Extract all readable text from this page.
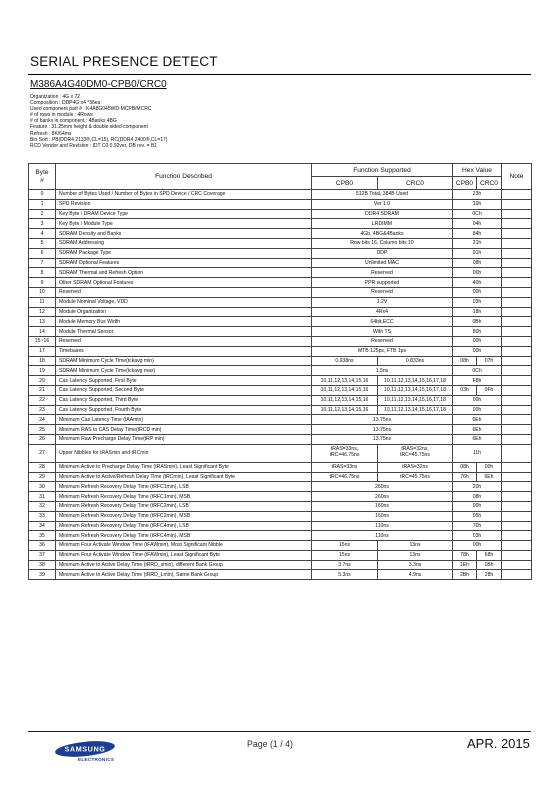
SERIAL PRESENCE DETECT
M386A4G40DM0-CPB0/CRC0
Organization : 4G x 72
Composition : DDP4G x4 *36ea
Used component part # : K4A8G045WD-MCPB/MCRC
# of rows in module : 4Rows
# of banks in component : 4Banks 4BG
Feature : 31.25mm height & double sided component
Refresh : 8K/64ms
Bin Sort : PB(DDR4 2133®,CL=15), RC(DDR4 2400®,CL=17)
RCD Vendor and Revision : IDT C0 0.92ver, DB rev. = B1
Byte
#	Function Described	Function Supported		Hex Value		Note
		CPB0	CRC0	CPB0	CRC0	
0	Number of Bytes Used / Number of Bytes in SPD Device / CRC Coverage	512B Total, 384B Used		23h		
1	SPD Revision	Ver 1.0		10h		
2	Key Byte / DRAM Device Type	DDR4 SDRAM		0Ch		
3	Key Byte / Module Type	LRDIMM		04h		
4	SDRAM Density and Banks	4Gb, 4BG&4Banks		84h		
5	SDRAM Addressing	Row bits 16, Column bits 10		21h		
6	SDRAM Package Type	DDP		91h		
7	SDRAM Optional Features	Unlimited MAC		08h		
8	SDRAM Thermal and Refresh Option	Reserved		00h		
9	Other SDRAM Optional Features	PPR supported		40h		
10	Reserved	Reserved		00h		
11	Module Nominal Voltage, VDD	1.2V		03h		
12	Module Organization	4Rx4		18h		
13	Module Memory Bus Width	64bit,ECC		0Bh		
14	Module Thermal Sensor	With TS		80h		
15~16	Reserved	Reserved		00h		
17	Timebases	MTB 125ps, FTB 1ps		00h		
18	SDRAM Minimum Cycle Time(tckavg min)	0.938ns	0.833ns	08h	07h	
19	SDRAM Minimum Cycle Time(tckavg max)	1.5ns		0Ch		
20	Cas Latency Supported, First Byte	10,11,12,13,14,15,16	10,11,12,13,14,15,16,17,18	F8h		
21	Cas Latency Supported, Second Byte	10,11,12,13,14,15,16	10,11,12,13,14,15,16,17,18	03h	0Fh	
22	Cas Latency Supported, Third Byte	10,11,12,13,14,15,16	10,11,12,13,14,15,16,17,18	00h		
23	Cas Latency Supported, Fourth Byte	10,11,12,13,14,15,16	10,11,12,13,14,15,16,17,18	00h		
24	Minimum Cas Latency Time (tAAmin)	13.75ns		6Eh		
25	Minimum RAS to CAS Delay Time(tRCD min)	13.75ns		6Eh		
26	Minimum Raw Precharge Delay Time(tRP min)	13.75ns		6Eh		
27	Upper Nibbles for tRASmin and tRCmin	tRAS=33ns,
tRC=46.75ns	tRAS=32ns,
tRC=45.75ns	11h		
28	Minimum Active to Precharge Delay Time (tRASmin), Least Significant Byte	tRAS=33ns	tRAS=32ns	08h	00h	
29	Minimum Active to Active/Refresh Delay Time (tRCmin), Least Significant Byte	tRC=46.75ns	tRC=45.75ns	76h	6Eh	
30	Minimum Refresh Recovery Delay Time (tRFC1min), LSB	260ns		20h		
31	Minimum Refresh Recovery Delay Time (tRFC1min), MSB	260ns		08h		
32	Minimum Refresh Recovery Delay Time (tRFC2min), LSB	160ns		00h		
33	Minimum Refresh Recovery Delay Time (tRFC2min), MSB	160ns		05h		
34	Minimum Refresh Recovery Delay Time (tRFC4min), LSB	110ns		70h		
35	Minimum Refresh Recovery Delay Time (tRFC4min), MSB	110ns		03h		
36	Minimum Four Activate Window Time (tFAWmin), Most Significant Nibble	15ns	13ns	00h		
37	Minimum Four Activate Window Time (tFAWmin), Least Significant Byte	15ns	13ns	78h	68h	
38	Minimum Active to Active Delay Time (tRRD_smin), different Bank Group	3.7ns	3.3ns	1Eh	1Bh	
39	Minimum Active to Active Delay Time (tRRD_Lmin), Same Bank Group	5.3ns	4.9ns	2Bh	28h	
SAMSUNG
ELECTRONICS
Page (1 / 4)	APR. 2015
